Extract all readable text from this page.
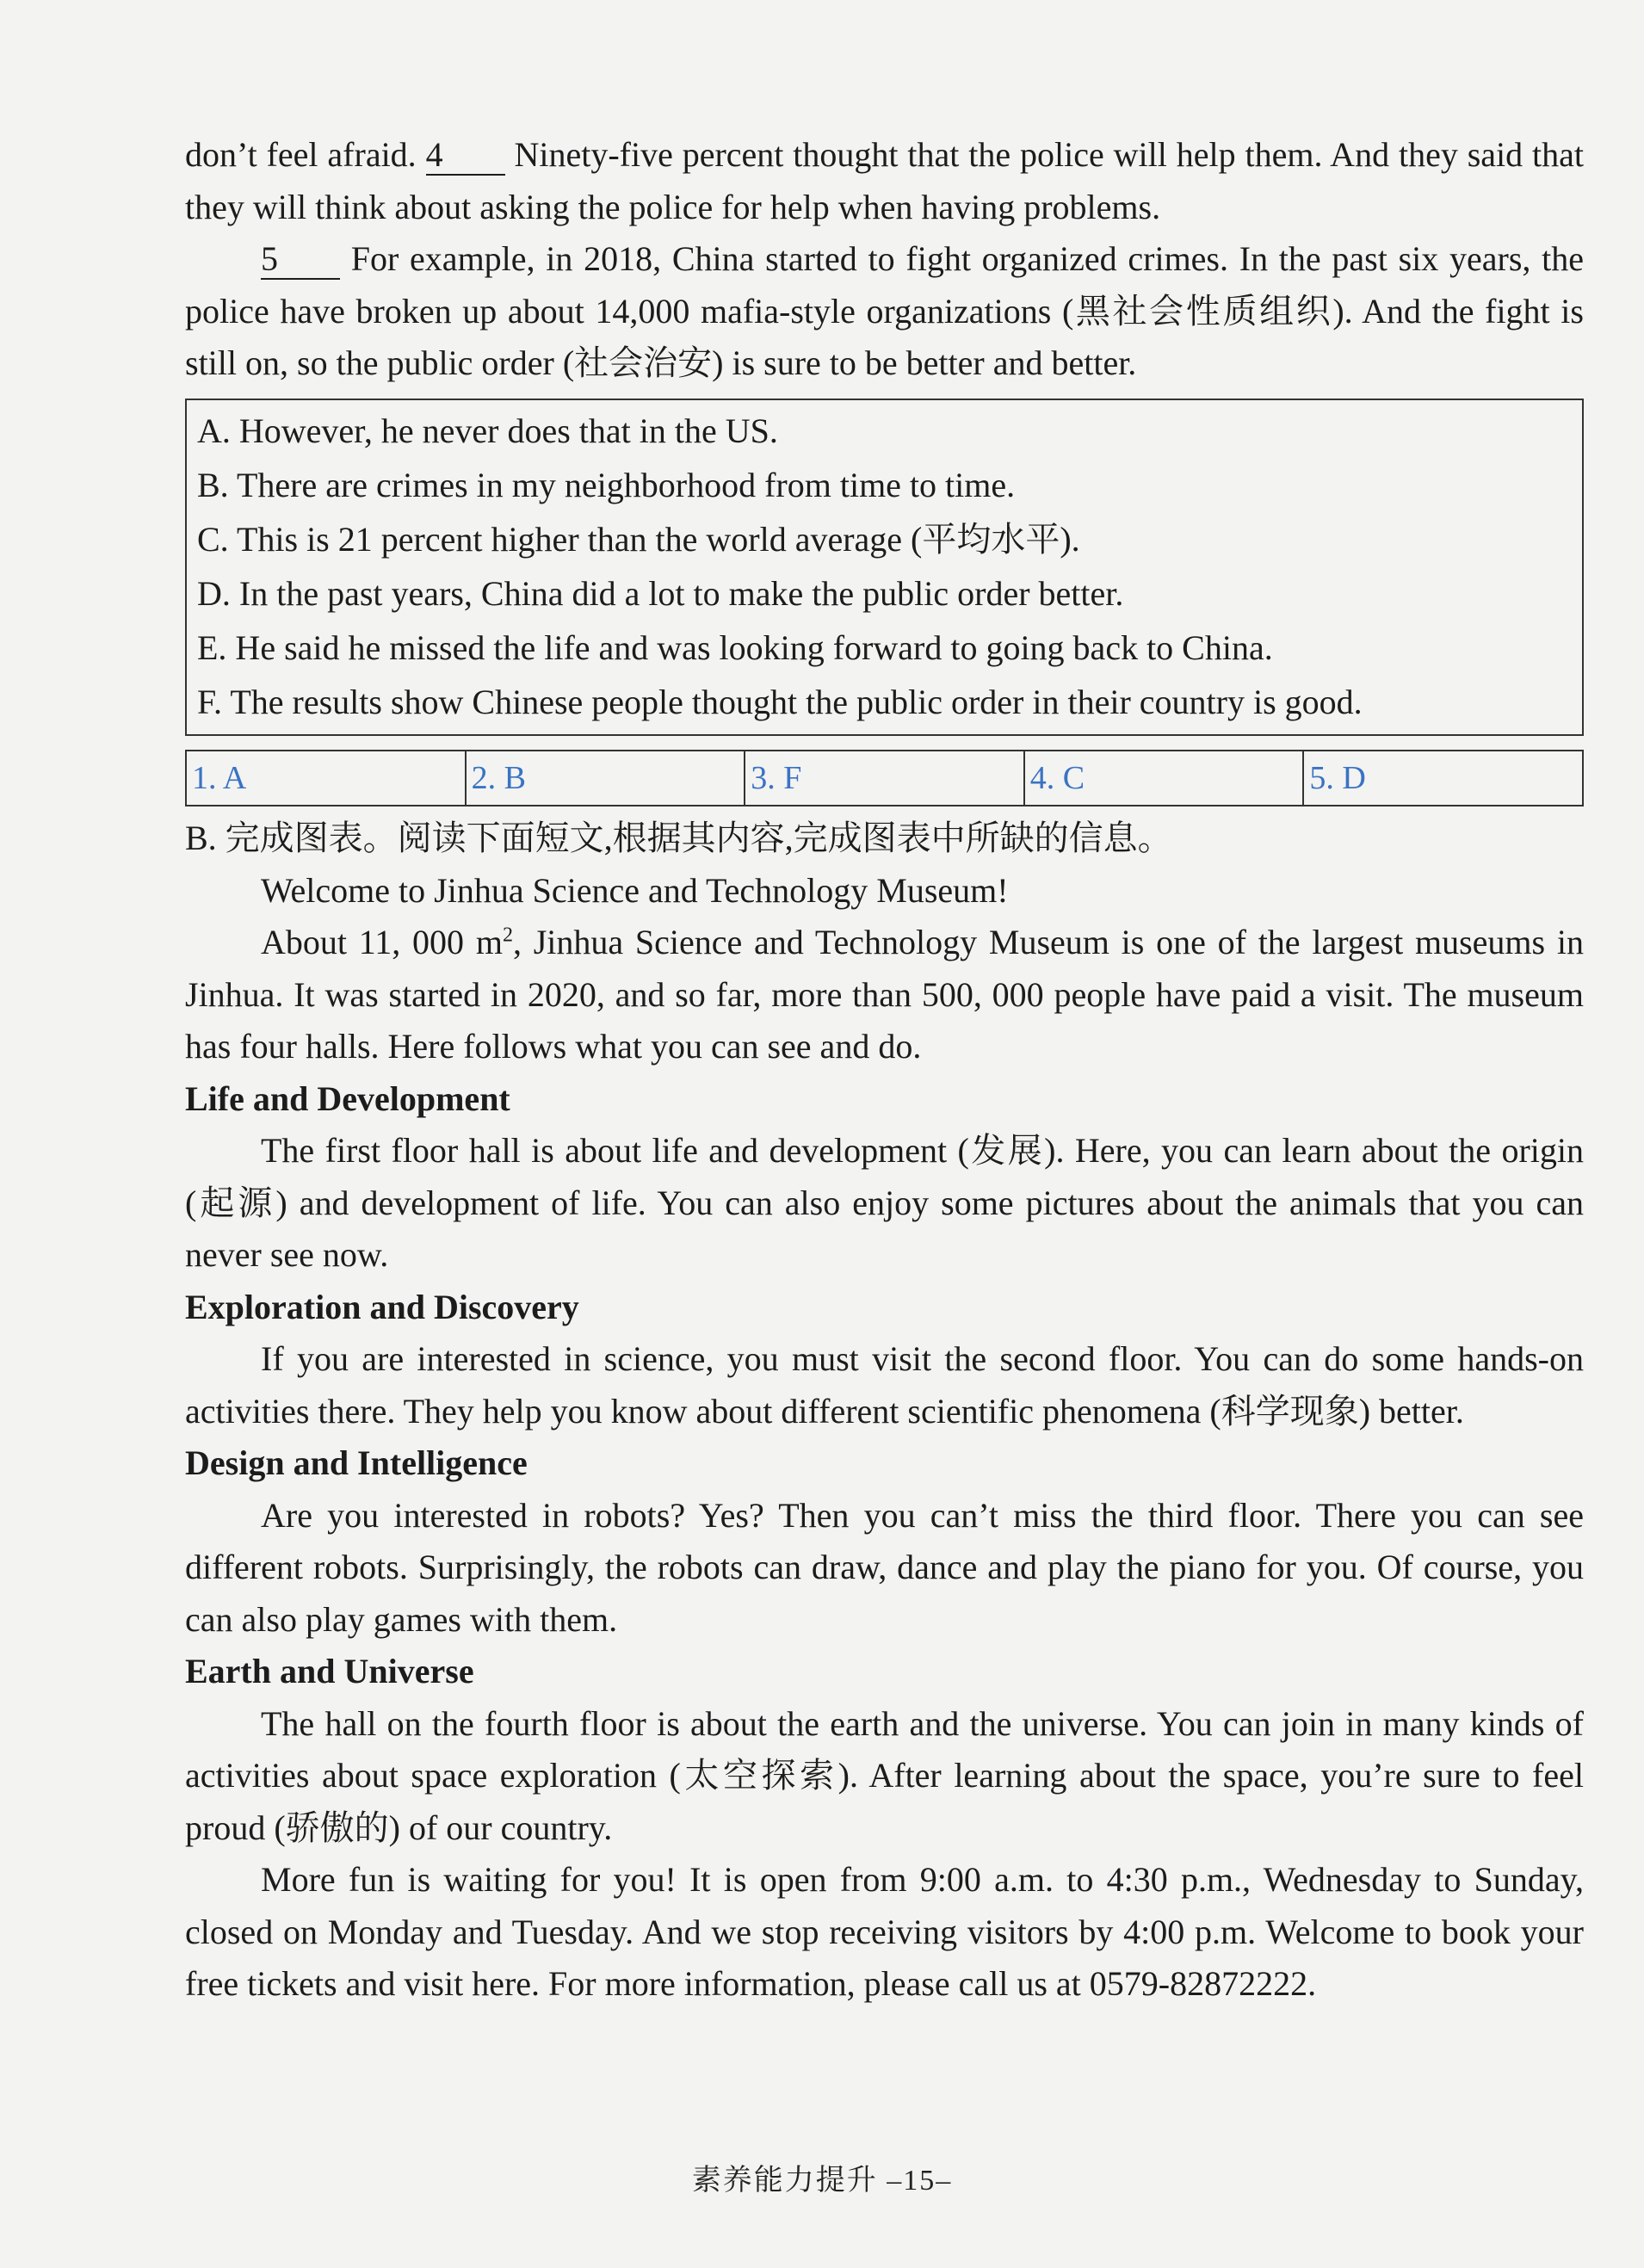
don’t feel afraid. 4 Ninety-five percent thought that the police will help them. And they said that they will think about asking the police for help when having problems.

5 For example, in 2018, China started to fight organized crimes. In the past six years, the police have broken up about 14,000 mafia-style organizations (黑社会性质组织). And the fight is still on, so the public order (社会治安) is sure to be better and better.

A. However, he never does that in the US.
B. There are crimes in my neighborhood from time to time.
C. This is 21 percent higher than the world average (平均水平).
D. In the past years, China did a lot to make the public order better.
E. He said he missed the life and was looking forward to going back to China.
F. The results show Chinese people thought the public order in their country is good.
1. A	2. B	3. F	4. C	5. D

B. 完成图表。阅读下面短文,根据其内容,完成图表中所缺的信息。

Welcome to Jinhua Science and Technology Museum!

About 11, 000 $m^2$, Jinhua Science and Technology Museum is one of the largest museums in Jinhua. It was started in 2020, and so far, more than 500, 000 people have paid a visit. The museum has four halls. Here follows what you can see and do.

Life and Development

The first floor hall is about life and development (发展). Here, you can learn about the origin (起源) and development of life. You can also enjoy some pictures about the animals that you can never see now.

Exploration and Discovery

If you are interested in science, you must visit the second floor. You can do some hands-on activities there. They help you know about different scientific phenomena (科学现象) better.

Design and Intelligence

Are you interested in robots? Yes? Then you can’t miss the third floor. There you can see different robots. Surprisingly, the robots can draw, dance and play the piano for you. Of course, you can also play games with them.

Earth and Universe

The hall on the fourth floor is about the earth and the universe. You can join in many kinds of activities about space exploration (太空探索). After learning about the space, you’re sure to feel proud (骄傲的) of our country.

More fun is waiting for you! It is open from 9:00 a.m. to 4:30 p.m., Wednesday to Sunday, closed on Monday and Tuesday. And we stop receiving visitors by 4:00 p.m. Welcome to book your free tickets and visit here. For more information, please call us at 0579-82872222.

素养能力提升 –15–
